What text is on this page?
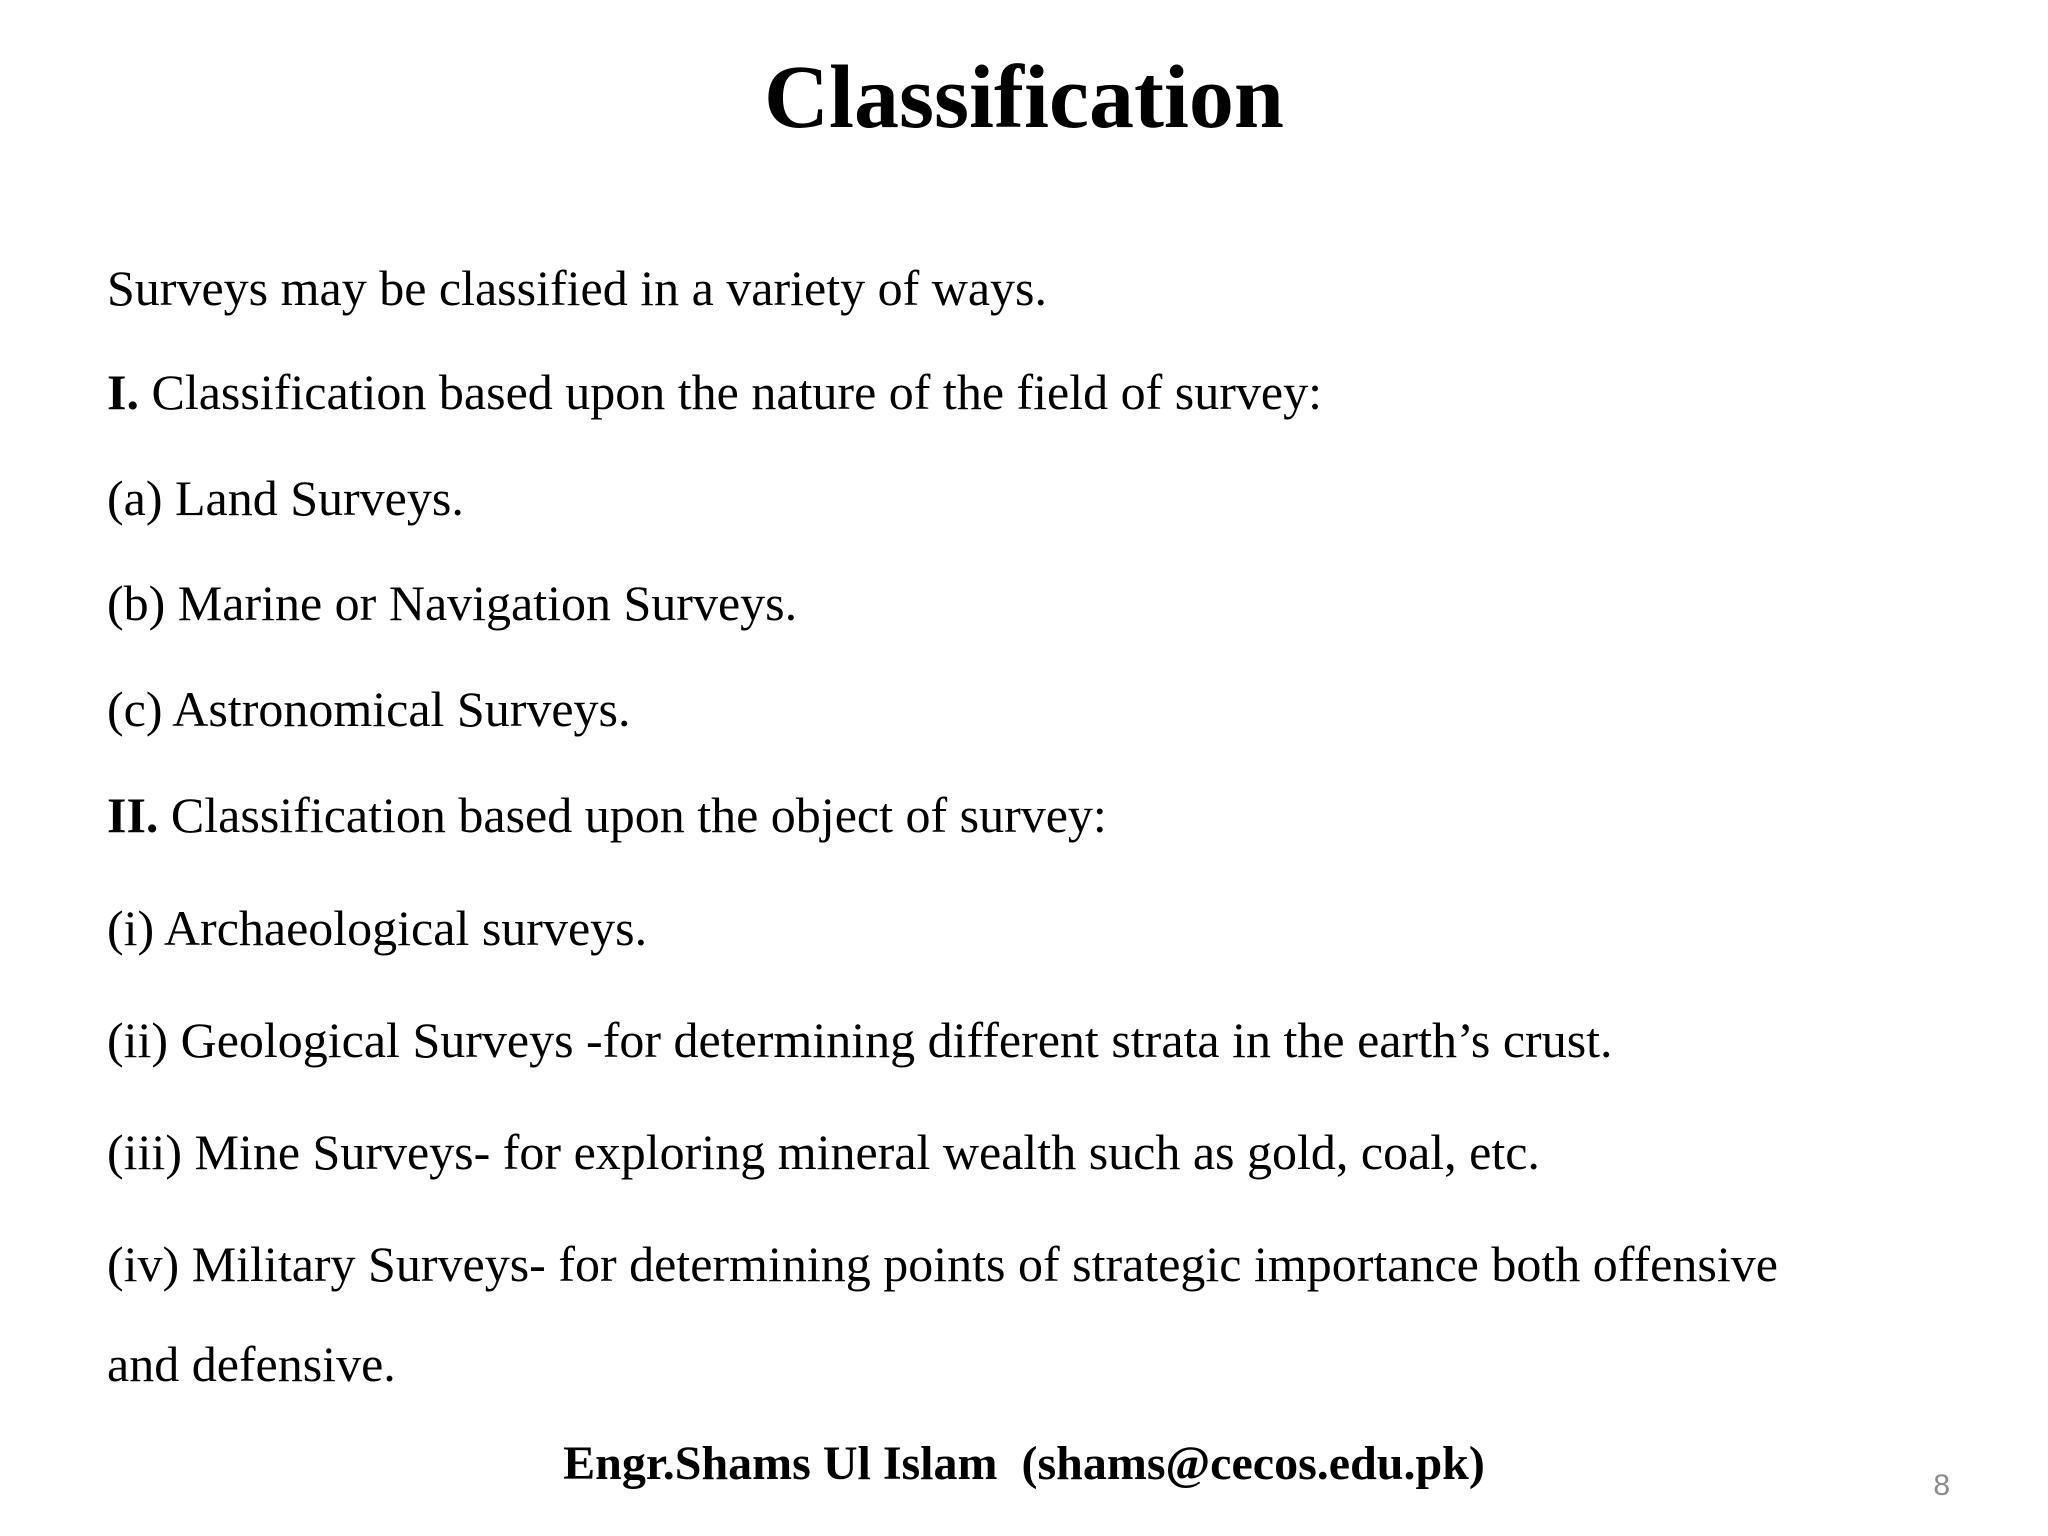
Classification
Surveys may be classified in a variety of ways.
I. Classification based upon the nature of the field of survey:
(a) Land Surveys.
(b) Marine or Navigation Surveys.
(c) Astronomical Surveys.
II. Classification based upon the object of survey:
(i) Archaeological surveys.
(ii) Geological Surveys -for determining different strata in the earth’s crust.
(iii) Mine Surveys- for exploring mineral wealth such as gold, coal, etc.
(iv) Military Surveys- for determining points of strategic importance both offensive
and defensive.
Engr.Shams Ul Islam  (shams@cecos.edu.pk)	8
